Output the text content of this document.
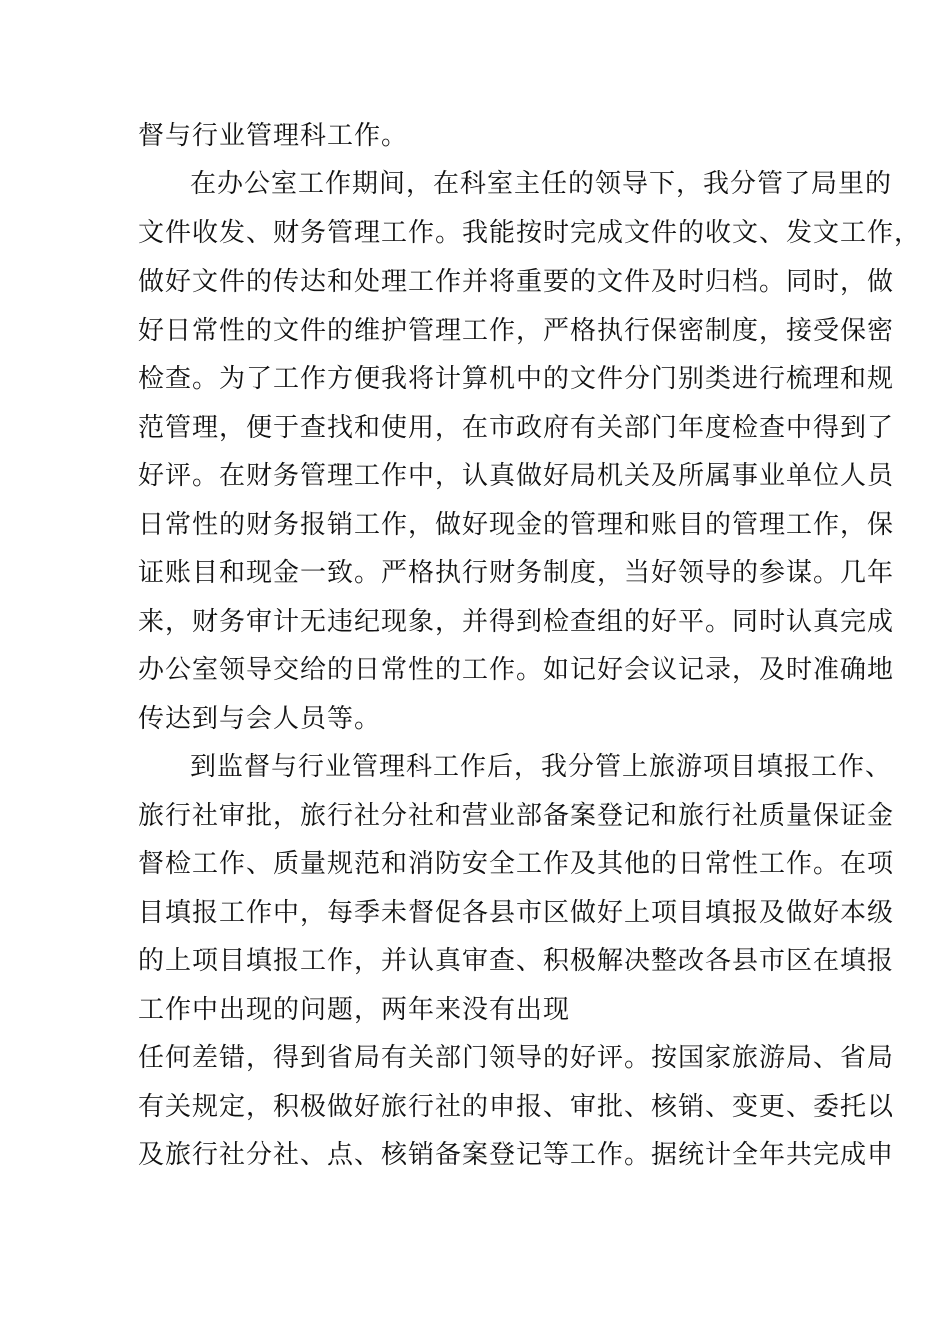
督与行业管理科工作。
在办公室工作期间，在科室主任的领导下，我分管了局里的
文件收发、财务管理工作。我能按时完成文件的收文、发文工作，
做好文件的传达和处理工作并将重要的文件及时归档。同时，做
好日常性的文件的维护管理工作，严格执行保密制度，接受保密
检查。为了工作方便我将计算机中的文件分门别类进行梳理和规
范管理，便于查找和使用，在市政府有关部门年度检查中得到了
好评。在财务管理工作中，认真做好局机关及所属事业单位人员
日常性的财务报销工作，做好现金的管理和账目的管理工作，保
证账目和现金一致。严格执行财务制度，当好领导的参谋。几年
来，财务审计无违纪现象，并得到检查组的好平。同时认真完成
办公室领导交给的日常性的工作。如记好会议记录，及时准确地
传达到与会人员等。
到监督与行业管理科工作后，我分管上旅游项目填报工作、
旅行社审批，旅行社分社和营业部备案登记和旅行社质量保证金
督检工作、质量规范和消防安全工作及其他的日常性工作。在项
目填报工作中，每季未督促各县市区做好上项目填报及做好本级
的上项目填报工作，并认真审查、积极解决整改各县市区在填报
工作中出现的问题，两年来没有出现
任何差错，得到省局有关部门领导的好评。按国家旅游局、省局
有关规定，积极做好旅行社的申报、审批、核销、变更、委托以
及旅行社分社、点、核销备案登记等工作。据统计全年共完成申
